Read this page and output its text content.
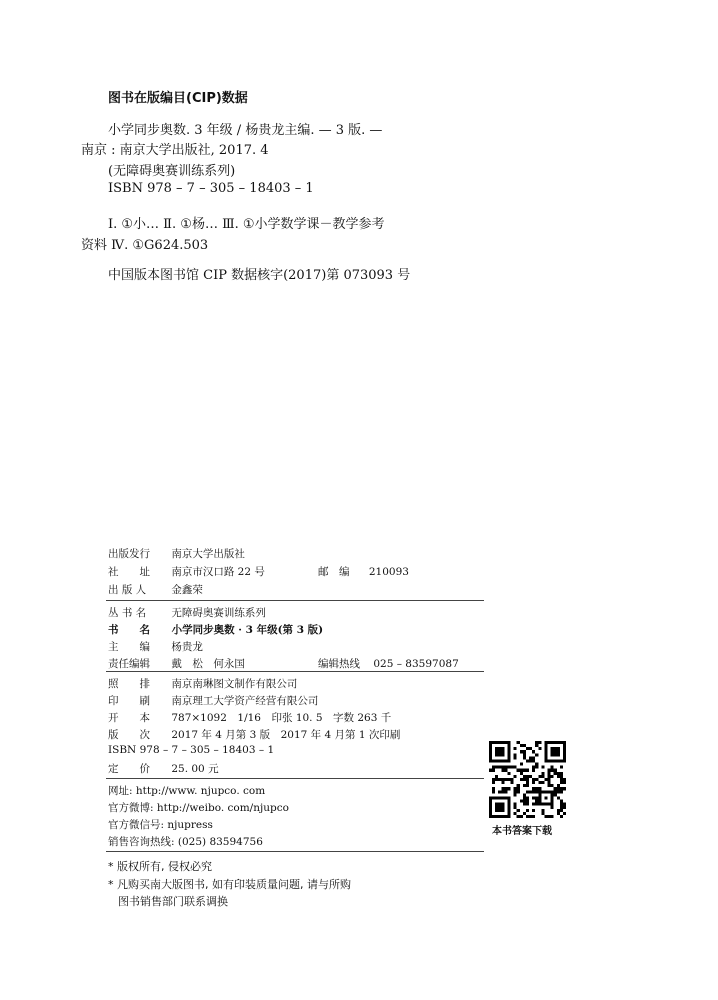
图书在版编目(CIP)数据
小学同步奥数. 3 年级 / 杨贵龙主编. — 3 版. —
南京 : 南京大学出版社, 2017. 4
(无障碍奥赛训练系列)
ISBN 978 – 7 – 305 – 18403 – 1
Ⅰ. ①小… Ⅱ. ①杨… Ⅲ. ①小学数学课－教学参考
资料 Ⅳ. ①G624.503
中国版本图书馆 CIP 数据核字(2017)第 073093 号
出版发行 南京大学出版社
社　　址 南京市汉口路 22 号	邮　编 210093
出 版 人 金鑫荣
丛 书 名 无障碍奥赛训练系列
书　　名 小学同步奥数 · 3 年级(第 3 版)
主　　编 杨贵龙
责任编辑 戴　松　何永国	编辑热线 025 – 83597087
照　　排 南京南琳图文制作有限公司
印　　刷 南京理工大学资产经营有限公司
开　　本 787×1092　1/16　印张 10. 5　字数 263 千
版　　次 2017 年 4 月第 3 版　2017 年 4 月第 1 次印刷
ISBN 978 – 7 – 305 – 18403 – 1
定　　价 25. 00 元
网址: http://www. njupco. com
官方微博: http://weibo. com/njupco
官方微信号: njupress
销售咨询热线: (025) 83594756
本书答案下载
* 版权所有, 侵权必究
* 凡购买南大版图书, 如有印装质量问题, 请与所购
图书销售部门联系调换
